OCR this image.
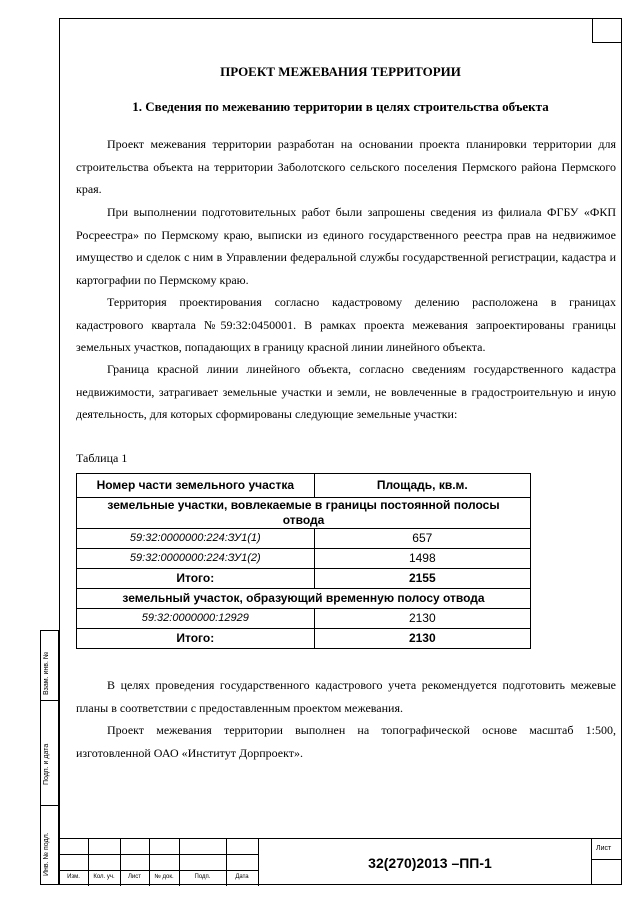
ПРОЕКТ МЕЖЕВАНИЯ ТЕРРИТОРИИ
1. Сведения по межеванию территории в целях строительства объекта

Проект межевания территории разработан на основании проекта планировки территории для строительства объекта на территории Заболотского сельского поселения Пермского района Пермского края.

При выполнении подготовительных работ были запрошены сведения из филиала ФГБУ «ФКП Росреестра» по Пермскому краю, выписки из единого государственного реестра прав на недвижимое имущество и сделок с ним в Управлении федеральной службы государственной регистрации, кадастра и картографии по Пермскому краю.

Территория проектирования согласно кадастровому делению расположена в границах кадастрового квартала №59:32:0450001. В рамках проекта межевания запроектированы границы земельных участков, попадающих в границу красной линии линейного объекта.

Граница красной линии линейного объекта, согласно сведениям государственного кадастра недвижимости, затрагивает земельные участки и земли, не вовлеченные в градостроительную и иную деятельность, для которых сформированы следующие земельные участки:

Таблица 1
Номер части земельного участка	Площадь, кв.м.
земельные участки, вовлекаемые в границы постоянной полосы отвода	
59:32:0000000:224:ЗУ1(1)	657
59:32:0000000:224:ЗУ1(2)	1498
Итого:	2155
земельный участок, образующий временную полосу отвода	
59:32:0000000:12929	2130
Итого:	2130

В целях проведения государственного кадастрового учета рекомендуется подготовить межевые планы в соответствии с предоставленным проектом межевания.

Проект межевания территории выполнен на топографической основе масштаб 1:500, изготовленной ОАО «Институт Дорпроект».

Взам. инв. №
Подп. и дата
Инв. № подл.
Изм.	Кол. уч.	Лист	№ док.	Подп.	Дата
32(270)2013 –ПП-1
Лист
